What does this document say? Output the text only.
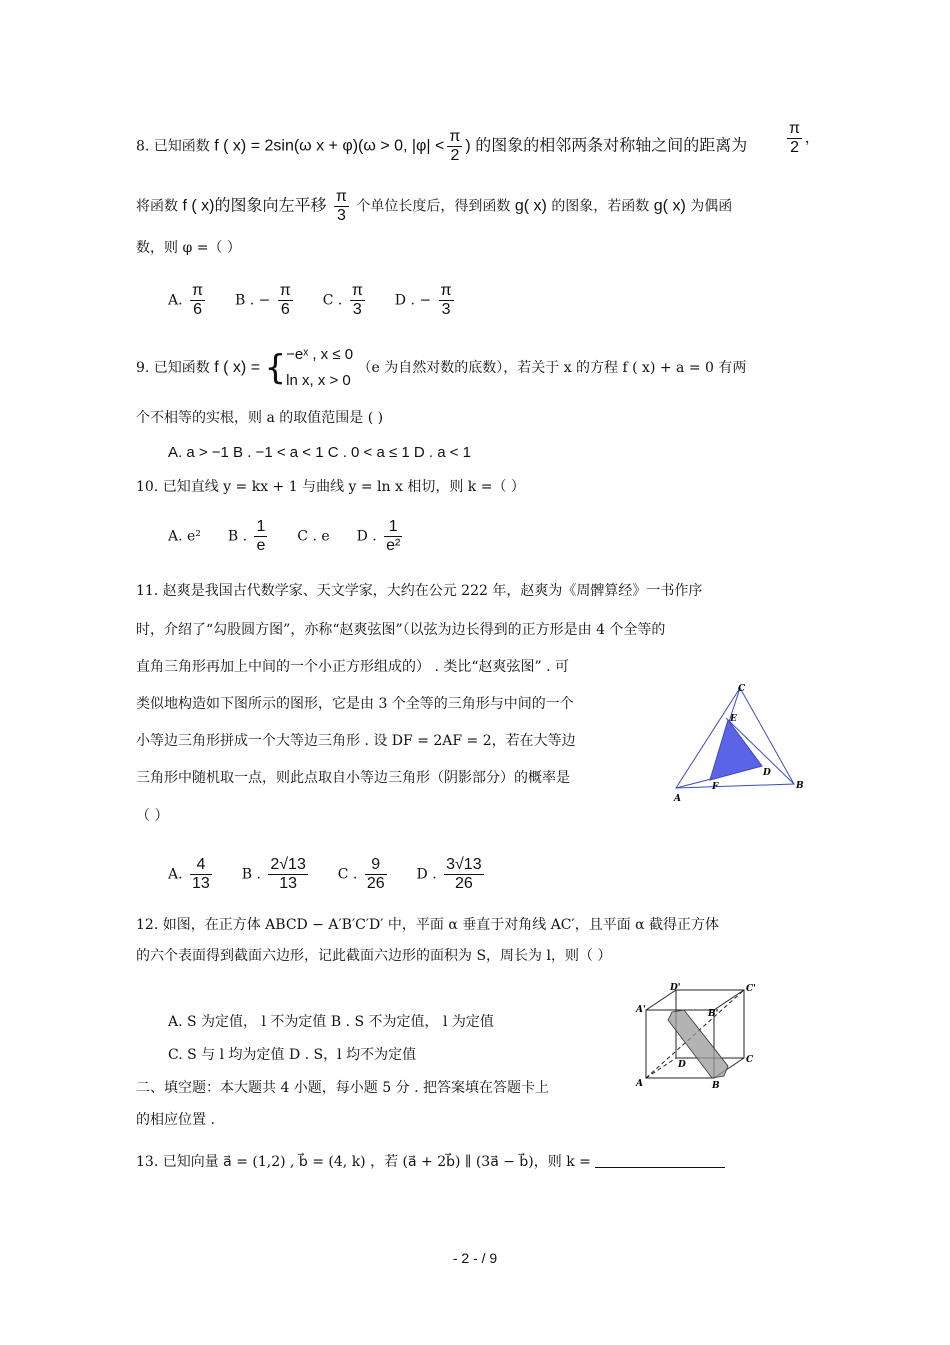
8. 已知函数 f ( x) = 2sin(ω x + φ)(ω > 0, $|\varphi| < \frac{\pi}{2}$ ) 的图象的相邻两条对称轴之间的距离为 $\frac{\pi}{2}$ ，
将函数 f ( x)的图象向左平移 $\frac{\pi}{3}$ 个单位长度后，得到函数 g( x) 的图象，若函数 g( x) 为偶函
数，则 φ =（ ）
A. $\frac{\pi}{6}$ B . − $\frac{\pi}{6}$ C . $\frac{\pi}{3}$ D . − $\frac{\pi}{3}$
9. 已知函数 f ( x) = { −eˣ , x ≤ 0
ln x, x > 0
（e 为自然对数的底数），若关于 x 的方程 f ( x) + a = 0 有两
个不相等的实根，则 a 的取值范围是 ( )
A. a > −1 B . −1 < a < 1 C . 0 < a ≤ 1 D . a < 1
10. 已知直线 y = kx + 1 与曲线 y = ln x 相切，则 k =（ ）
A. e² B . $\frac{1}{e}$ C . e D . $\frac{1}{\text{e²}}$
11. 赵爽是我国古代数学家、天文学家，大约在公元 222 年，赵爽为《周髀算经》一书作序
时，介绍了“勾股圆方图”，亦称“赵爽弦图”（以弦为边长得到的正方形是由 4 个全等的
直角三角形再加上中间的一个小正方形组成的） . 类比“赵爽弦图” . 可
类似地构造如下图所示的图形，它是由 3 个全等的三角形与中间的一个
小等边三角形拼成一个大等边三角形 . 设 DF = 2AF = 2，若在大等边
三角形中随机取一点，则此点取自小等边三角形（阴影部分）的概率是
（ ）
C
E
D
B
F
A
A. $\frac{4}{13}$ B . $\frac{2√13}{13}$ C . $\frac{9}{26}$ D . $\frac{3√13}{26}$
12. 如图，在正方体 ABCD − A′B′C′D′ 中，平面 α 垂直于对角线 AC′，且平面 α 截得正方体
的六个表面得到截面六边形，记此截面六边形的面积为 S，周长为 l，则（ ）
A. S 为定值， l 不为定值 B . S 不为定值， l 为定值
C. S 与 l 均为定值 D . S，l 均不为定值
D'	C'
A'	B'
D	C
A	B
二、填空题：本大题共 4 小题，每小题 5 分 . 把答案填在答题卡上
的相应位置 .
13. 已知向量 a⃗ = (1,2) , b⃗ = (4, k) ，若 (a⃗ + 2b⃗) ∥ (3a⃗ − b⃗)，则 k =
- 2 - / 9
